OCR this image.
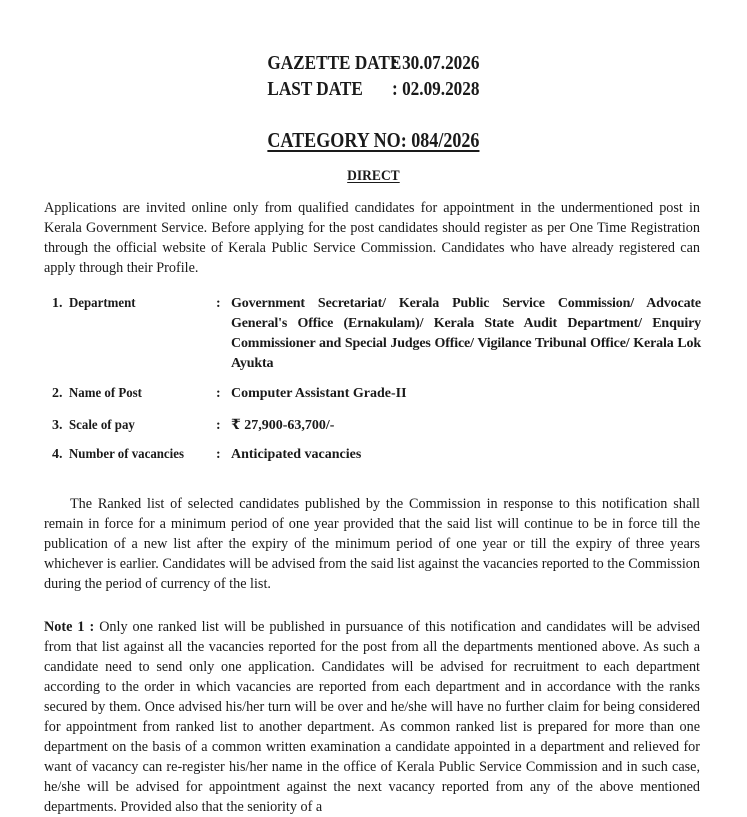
GAZETTE DATE : 30.07.2026
LAST DATE : 02.09.2028
CATEGORY NO: 084/2026
DIRECT
Applications are invited online only from qualified candidates for appointment in the undermentioned post in Kerala Government Service. Before applying for the post candidates should register as per One Time Registration through the official website of Kerala Public Service Commission. Candidates who have already registered can apply through their Profile.
1. Department	: Government Secretariat/ Kerala Public Service Commission/ Advocate General's Office (Ernakulam)/ Kerala State Audit Department/ Enquiry Commissioner and Special Judges Office/ Vigilance Tribunal Office/ Kerala Lok Ayukta
2. Name of Post	: Computer Assistant Grade-II
3. Scale of pay	: ₹ 27,900-63,700/-
4. Number of vacancies : Anticipated vacancies
The Ranked list of selected candidates published by the Commission in response to this notification shall remain in force for a minimum period of one year provided that the said list will continue to be in force till the publication of a new list after the expiry of the minimum period of one year or till the expiry of three years whichever is earlier. Candidates will be advised from the said list against the vacancies reported to the Commission during the period of currency of the list.
Note 1 : Only one ranked list will be published in pursuance of this notification and candidates will be advised from that list against all the vacancies reported for the post from all the departments mentioned above. As such a candidate need to send only one application. Candidates will be advised for recruitment to each department according to the order in which vacancies are reported from each department and in accordance with the ranks secured by them. Once advised his/her turn will be over and he/she will have no further claim for being considered for appointment from ranked list to another department. As common ranked list is prepared for more than one department on the basis of a common written examination a candidate appointed in a department and relieved for want of vacancy can re-register his/her name in the office of Kerala Public Service Commission and in such case, he/she will be advised for appointment against the next vacancy reported from any of the above mentioned departments. Provided also that the seniority of a
